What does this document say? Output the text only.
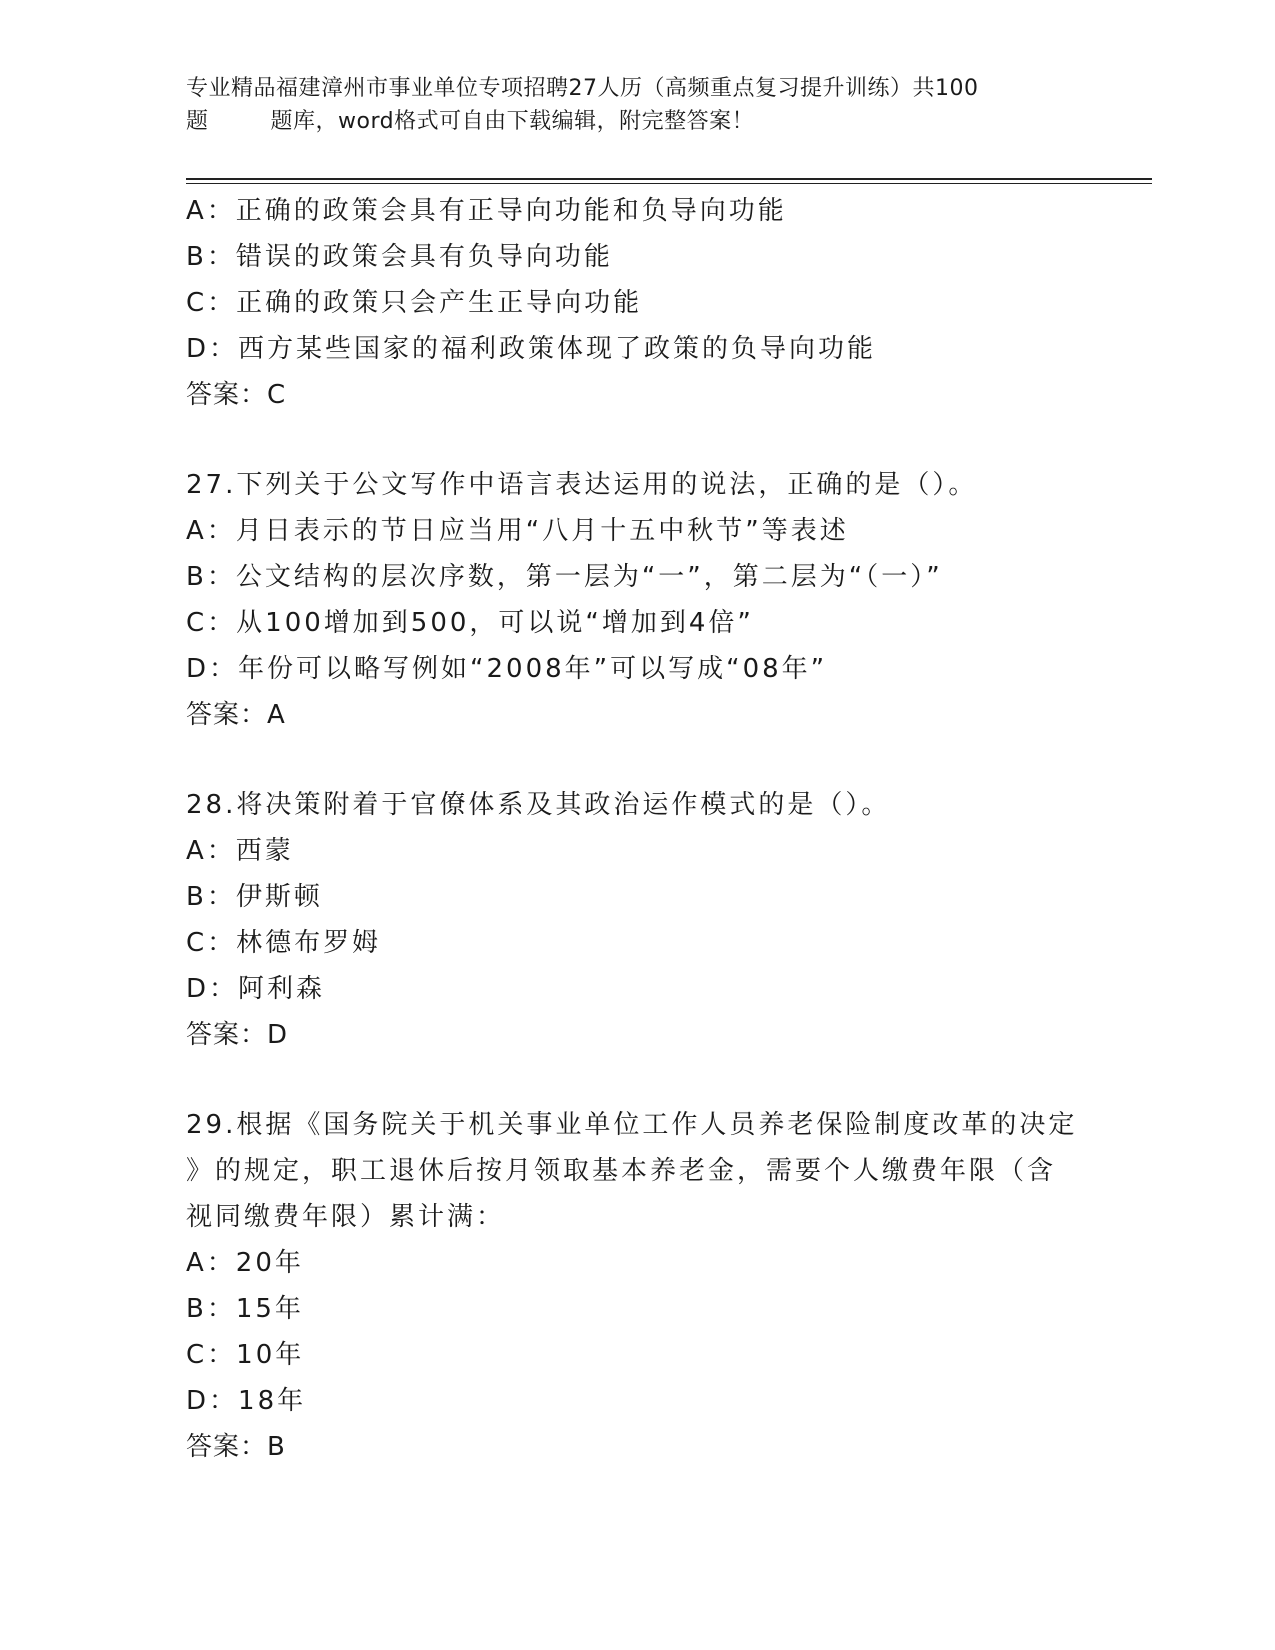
专业精品福建漳州市事业单位专项招聘27人历（高频重点复习提升训练）共100
题	题库，word格式可自由下载编辑，附完整答案！
A：正确的政策会具有正导向功能和负导向功能
B：错误的政策会具有负导向功能
C：正确的政策只会产生正导向功能
D：西方某些国家的福利政策体现了政策的负导向功能
答案：C
27.下列关于公文写作中语言表达运用的说法，正确的是（）。
A：月日表示的节日应当用“八月十五中秋节”等表述
B：公文结构的层次序数，第一层为“一”，第二层为“（一）”
C：从100增加到500，可以说“增加到4倍”
D：年份可以略写例如“2008年”可以写成“08年”
答案：A
28.将决策附着于官僚体系及其政治运作模式的是（）。
A：西蒙
B：伊斯顿
C：林德布罗姆
D：阿利森
答案：D
29.根据《国务院关于机关事业单位工作人员养老保险制度改革的决定
》的规定，职工退休后按月领取基本养老金，需要个人缴费年限（含
视同缴费年限）累计满：
A：20年
B：15年
C：10年
D：18年
答案：B
